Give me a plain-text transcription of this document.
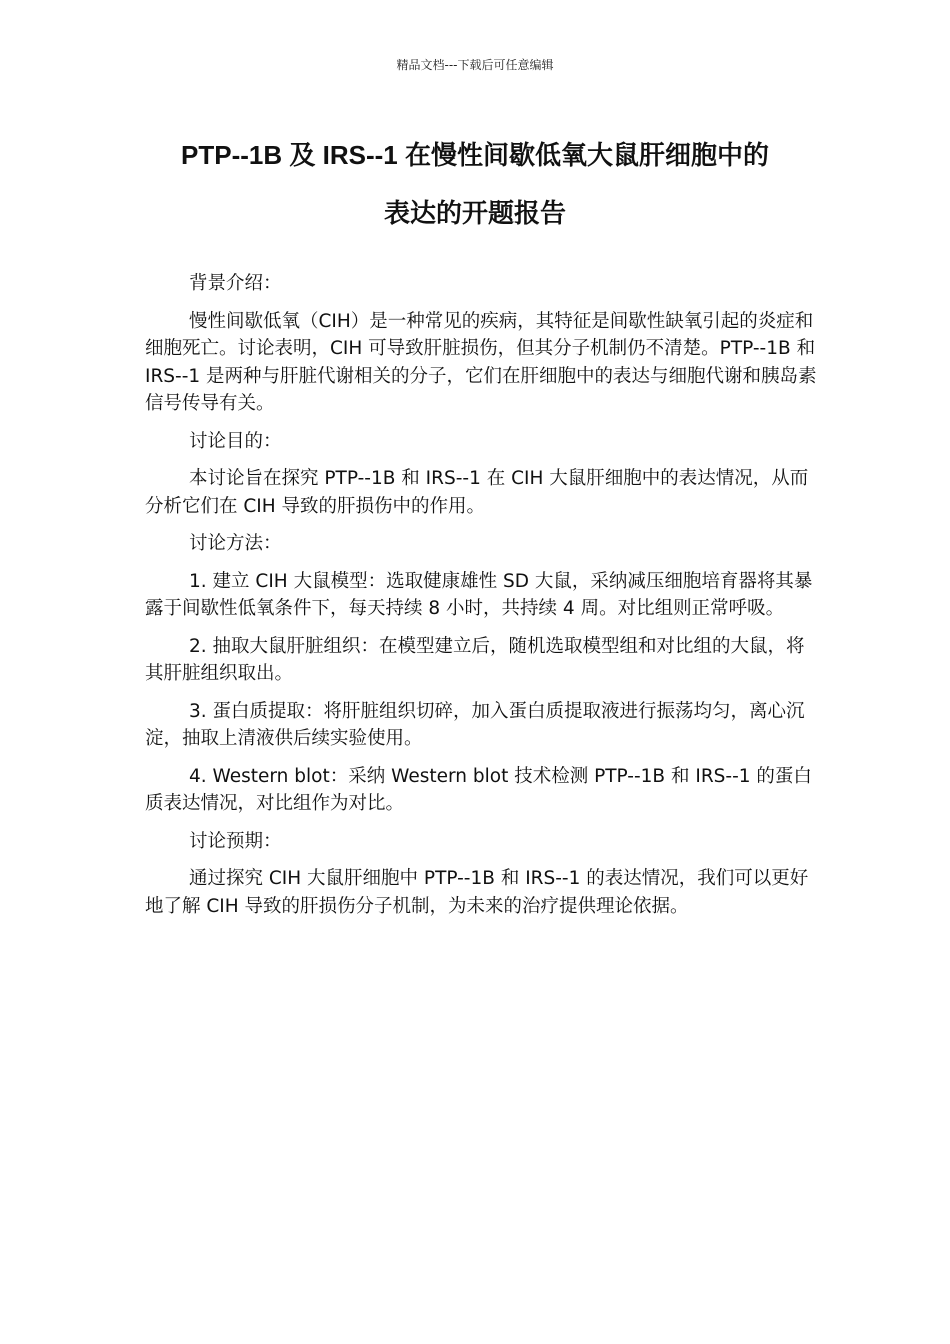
精品文档---下载后可任意编辑
PTP--1B 及 IRS--1 在慢性间歇低氧大鼠肝细胞中的
表达的开题报告

背景介绍：

慢性间歇低氧（CIH）是一种常见的疾病，其特征是间歇性缺氧引起的炎症和细胞死亡。讨论表明，CIH 可导致肝脏损伤，但其分子机制仍不清楚。PTP--1B 和 IRS--1 是两种与肝脏代谢相关的分子，它们在肝细胞中的表达与细胞代谢和胰岛素信号传导有关。

讨论目的：

本讨论旨在探究 PTP--1B 和 IRS--1 在 CIH 大鼠肝细胞中的表达情况，从而分析它们在 CIH 导致的肝损伤中的作用。

讨论方法：

1. 建立 CIH 大鼠模型：选取健康雄性 SD 大鼠，采纳减压细胞培育器将其暴露于间歇性低氧条件下，每天持续 8 小时，共持续 4 周。对比组则正常呼吸。

2. 抽取大鼠肝脏组织：在模型建立后，随机选取模型组和对比组的大鼠，将其肝脏组织取出。

3. 蛋白质提取：将肝脏组织切碎，加入蛋白质提取液进行振荡均匀，离心沉淀，抽取上清液供后续实验使用。

4. Western blot：采纳 Western blot 技术检测 PTP--1B 和 IRS--1 的蛋白质表达情况，对比组作为对比。

讨论预期：

通过探究 CIH 大鼠肝细胞中 PTP--1B 和 IRS--1 的表达情况，我们可以更好地了解 CIH 导致的肝损伤分子机制，为未来的治疗提供理论依据。
